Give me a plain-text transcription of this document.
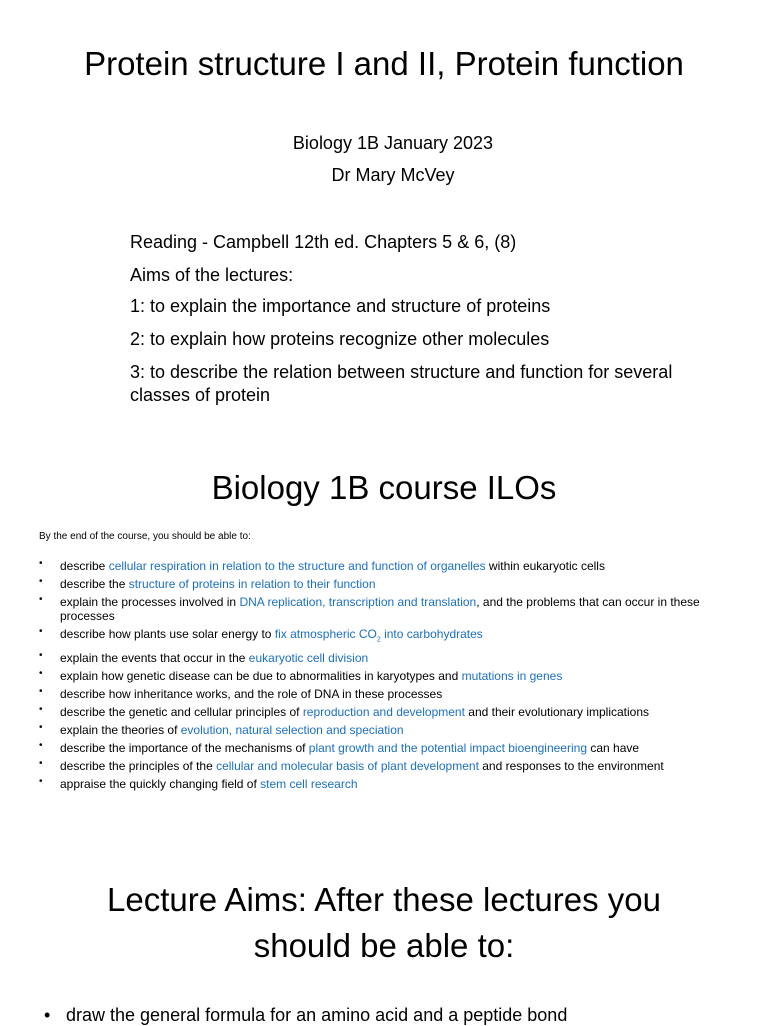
Protein structure I and II, Protein function
Biology 1B January 2023
Dr Mary McVey
Reading - Campbell 12th ed. Chapters 5 & 6, (8)
Aims of the lectures:
1: to explain the importance and structure of proteins
2: to explain how proteins recognize other molecules
3: to describe the relation between structure and function for several classes of protein
Biology 1B course ILOs
By the end of the course, you should be able to:
• describe cellular respiration in relation to the structure and function of organelles within eukaryotic cells
• describe the structure of proteins in relation to their function
• explain the processes involved in DNA replication, transcription and translation, and the problems that can occur in these processes
• describe how plants use solar energy to fix atmospheric $CO_2$ into carbohydrates
• explain the events that occur in the eukaryotic cell division
• explain how genetic disease can be due to abnormalities in karyotypes and mutations in genes
• describe how inheritance works, and the role of DNA in these processes
• describe the genetic and cellular principles of reproduction and development and their evolutionary implications
• explain the theories of evolution, natural selection and speciation
• describe the importance of the mechanisms of plant growth and the potential impact bioengineering can have
• describe the principles of the cellular and molecular basis of plant development and responses to the environment
• appraise the quickly changing field of stem cell research
Lecture Aims: After these lectures you
should be able to:
• draw the general formula for an amino acid and a peptide bond
